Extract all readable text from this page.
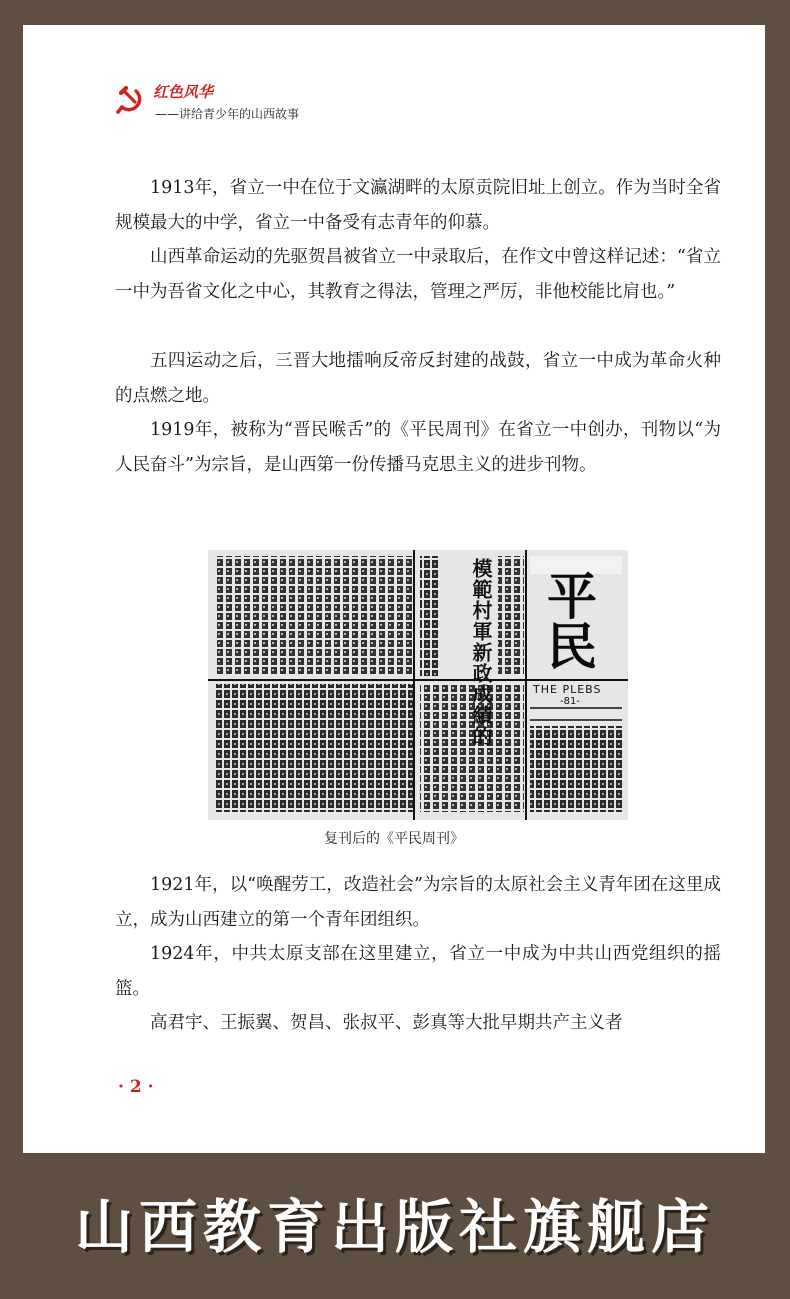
红色风华
——讲给青少年的山西故事

1913年，省立一中在位于文瀛湖畔的太原贡院旧址上创立。作为当时全省规模最大的中学，省立一中备受有志青年的仰慕。

山西革命运动的先驱贺昌被省立一中录取后，在作文中曾这样记述：“省立一中为吾省文化之中心，其教育之得法，管理之严厉，非他校能比肩也。”

五四运动之后，三晋大地擂响反帝反封建的战鼓，省立一中成为革命火种的点燃之地。

1919年，被称为“晋民喉舌”的《平民周刊》在省立一中创办，刊物以“为人民奋斗”为宗旨，是山西第一份传播马克思主义的进步刊物。

模範村軍新政成績的 平民
THE PLEBS
-81-
复刊后的《平民周刊》

1921年，以“唤醒劳工，改造社会”为宗旨的太原社会主义青年团在这里成立，成为山西建立的第一个青年团组织。

1924年，中共太原支部在这里建立，省立一中成为中共山西党组织的摇篮。

高君宇、王振翼、贺昌、张叔平、彭真等大批早期共产主义者

· 2 ·
山西教育出版社旗舰店
